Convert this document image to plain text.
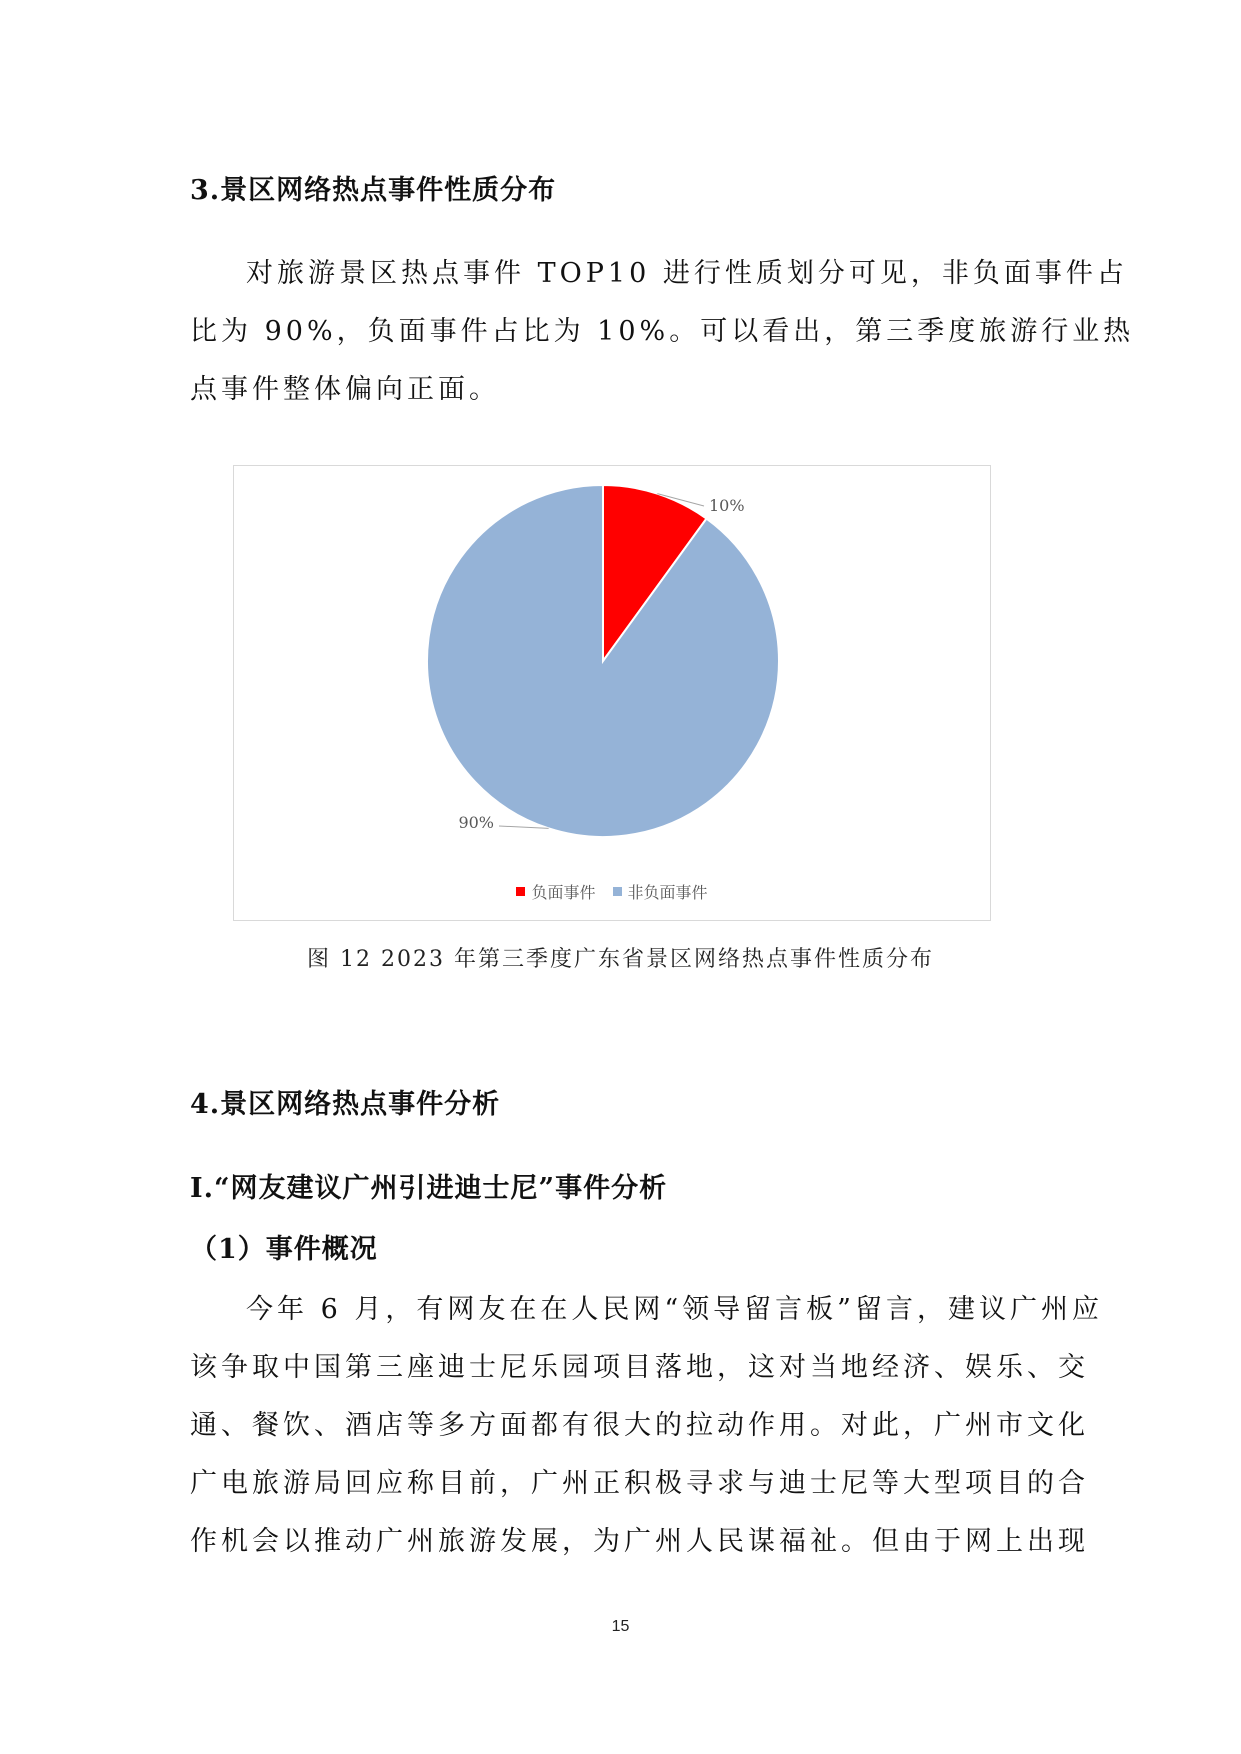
3.景区网络热点事件性质分布
对旅游景区热点事件 TOP10 进行性质划分可见，非负面事件占
比为 90%，负面事件占比为 10%。可以看出，第三季度旅游行业热
点事件整体偏向正面。
10%
90%
负面事件
非负面事件
图 12 2023 年第三季度广东省景区网络热点事件性质分布
4.景区网络热点事件分析
I.“网友建议广州引进迪士尼”事件分析
（1）事件概况
今年 6 月，有网友在在人民网“领导留言板”留言，建议广州应
该争取中国第三座迪士尼乐园项目落地，这对当地经济、娱乐、交
通、餐饮、酒店等多方面都有很大的拉动作用。对此，广州市文化
广电旅游局回应称目前，广州正积极寻求与迪士尼等大型项目的合
作机会以推动广州旅游发展，为广州人民谋福祉。但由于网上出现
15
